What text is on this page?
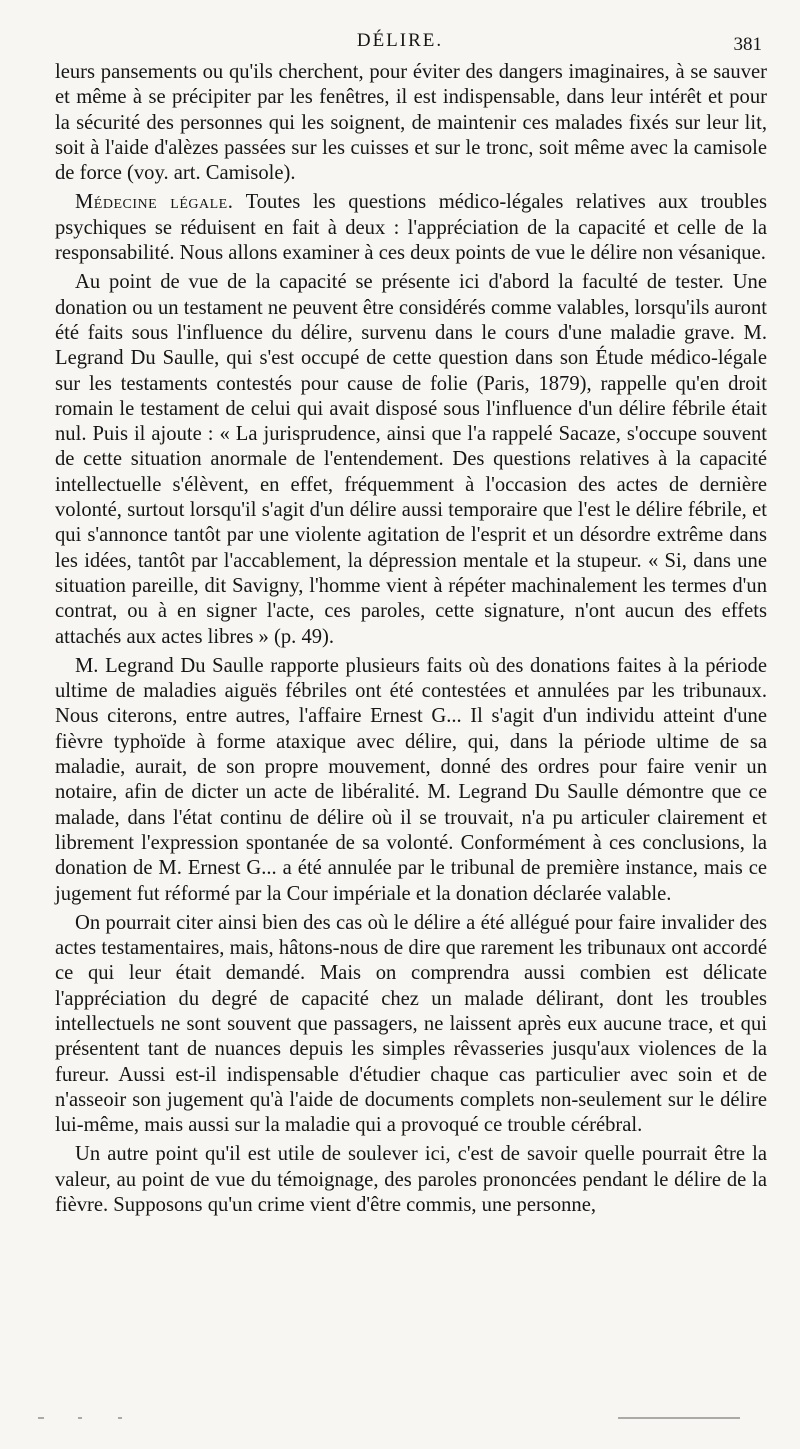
DÉLIRE.	381

leurs pansements ou qu'ils cherchent, pour éviter des dangers imaginaires, à se sauver et même à se précipiter par les fenêtres, il est indispensable, dans leur intérêt et pour la sécurité des personnes qui les soignent, de maintenir ces malades fixés sur leur lit, soit à l'aide d'alèzes passées sur les cuisses et sur le tronc, soit même avec la camisole de force (voy. art. Camisole).

Médecine légale. Toutes les questions médico-légales relatives aux troubles psychiques se réduisent en fait à deux : l'appréciation de la capacité et celle de la responsabilité. Nous allons examiner à ces deux points de vue le délire non vésanique.

Au point de vue de la capacité se présente ici d'abord la faculté de tester. Une donation ou un testament ne peuvent être considérés comme valables, lorsqu'ils auront été faits sous l'influence du délire, survenu dans le cours d'une maladie grave. M. Legrand Du Saulle, qui s'est occupé de cette question dans son Étude médico-légale sur les testaments contestés pour cause de folie (Paris, 1879), rappelle qu'en droit romain le testament de celui qui avait disposé sous l'influence d'un délire fébrile était nul. Puis il ajoute : « La jurisprudence, ainsi que l'a rappelé Sacaze, s'occupe souvent de cette situation anormale de l'entendement. Des questions relatives à la capacité intellectuelle s'élèvent, en effet, fréquemment à l'occasion des actes de dernière volonté, surtout lorsqu'il s'agit d'un délire aussi temporaire que l'est le délire fébrile, et qui s'annonce tantôt par une violente agitation de l'esprit et un désordre extrême dans les idées, tantôt par l'accablement, la dépression mentale et la stupeur. « Si, dans une situation pareille, dit Savigny, l'homme vient à répéter machinalement les termes d'un contrat, ou à en signer l'acte, ces paroles, cette signature, n'ont aucun des effets attachés aux actes libres » (p. 49).

M. Legrand Du Saulle rapporte plusieurs faits où des donations faites à la période ultime de maladies aiguës fébriles ont été contestées et annulées par les tribunaux. Nous citerons, entre autres, l'affaire Ernest G... Il s'agit d'un individu atteint d'une fièvre typhoïde à forme ataxique avec délire, qui, dans la période ultime de sa maladie, aurait, de son propre mouvement, donné des ordres pour faire venir un notaire, afin de dicter un acte de libéralité. M. Legrand Du Saulle démontre que ce malade, dans l'état continu de délire où il se trouvait, n'a pu articuler clairement et librement l'expression spontanée de sa volonté. Conformément à ces conclusions, la donation de M. Ernest G... a été annulée par le tribunal de première instance, mais ce jugement fut réformé par la Cour impériale et la donation déclarée valable.

On pourrait citer ainsi bien des cas où le délire a été allégué pour faire invalider des actes testamentaires, mais, hâtons-nous de dire que rarement les tribunaux ont accordé ce qui leur était demandé. Mais on comprendra aussi combien est délicate l'appréciation du degré de capacité chez un malade délirant, dont les troubles intellectuels ne sont souvent que passagers, ne laissent après eux aucune trace, et qui présentent tant de nuances depuis les simples rêvasseries jusqu'aux violences de la fureur. Aussi est-il indispensable d'étudier chaque cas particulier avec soin et de n'asseoir son jugement qu'à l'aide de documents complets non-seulement sur le délire lui-même, mais aussi sur la maladie qui a provoqué ce trouble cérébral.

Un autre point qu'il est utile de soulever ici, c'est de savoir quelle pourrait être la valeur, au point de vue du témoignage, des paroles prononcées pendant le délire de la fièvre. Supposons qu'un crime vient d'être commis, une personne,
